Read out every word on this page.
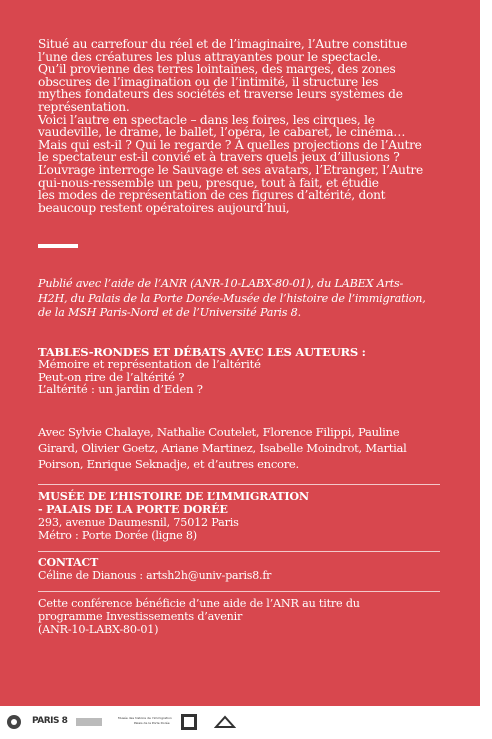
Situé au carrefour du réel et de l’imaginaire, l’Autre constitue
l’une des créatures les plus attrayantes pour le spectacle.
Qu’il provienne des terres lointaines, des marges, des zones
obscures de l’imagination ou de l’intimité, il structure les
mythes fondateurs des sociétés et traverse leurs systèmes de
représentation.
Voici l’autre en spectacle – dans les foires, les cirques, le
vaudeville, le drame, le ballet, l’opéra, le cabaret, le cinéma…
Mais qui est-il ? Qui le regarde ? À quelles projections de l’Autre
le spectateur est-il convié et à travers quels jeux d’illusions ?
L’ouvrage interroge le Sauvage et ses avatars, l’Etranger, l’Autre
qui-nous-ressemble un peu, presque, tout à fait, et étudie
les modes de représentation de ces figures d’altérité, dont
beaucoup restent opératoires aujourd’hui,
Publié avec l’aide de l’ANR (ANR-10-LABX-80-01), du LABEX Arts-
H2H, du Palais de la Porte Dorée-Musée de l’histoire de l’immigration,
de la MSH Paris-Nord et de l’Université Paris 8.
TABLES-RONDES ET DÉBATS AVEC LES AUTEURS :
Mémoire et représentation de l’altérité
Peut-on rire de l’altérité ?
L’altérité : un jardin d’Eden ?
Avec Sylvie Chalaye, Nathalie Coutelet, Florence Filippi, Pauline
Girard, Olivier Goetz, Ariane Martinez, Isabelle Moindrot, Martial
Poirson, Enrique Seknadje, et d’autres encore.
MUSÉE DE L’HISTOIRE DE L’IMMIGRATION
- PALAIS DE LA PORTE DORÉE
293, avenue Daumesnil, 75012 Paris
Métro : Porte Dorée (ligne 8)
CONTACT
Céline de Dianous : artsh2h@univ-paris8.fr
Cette conférence bénéficie d’une aide de l’ANR au titre du
programme Investissements d’avenir
(ANR-10-LABX-80-01)
PARIS 8	Musée des histoire de l’immigration
Palais de la Porte Dorée
